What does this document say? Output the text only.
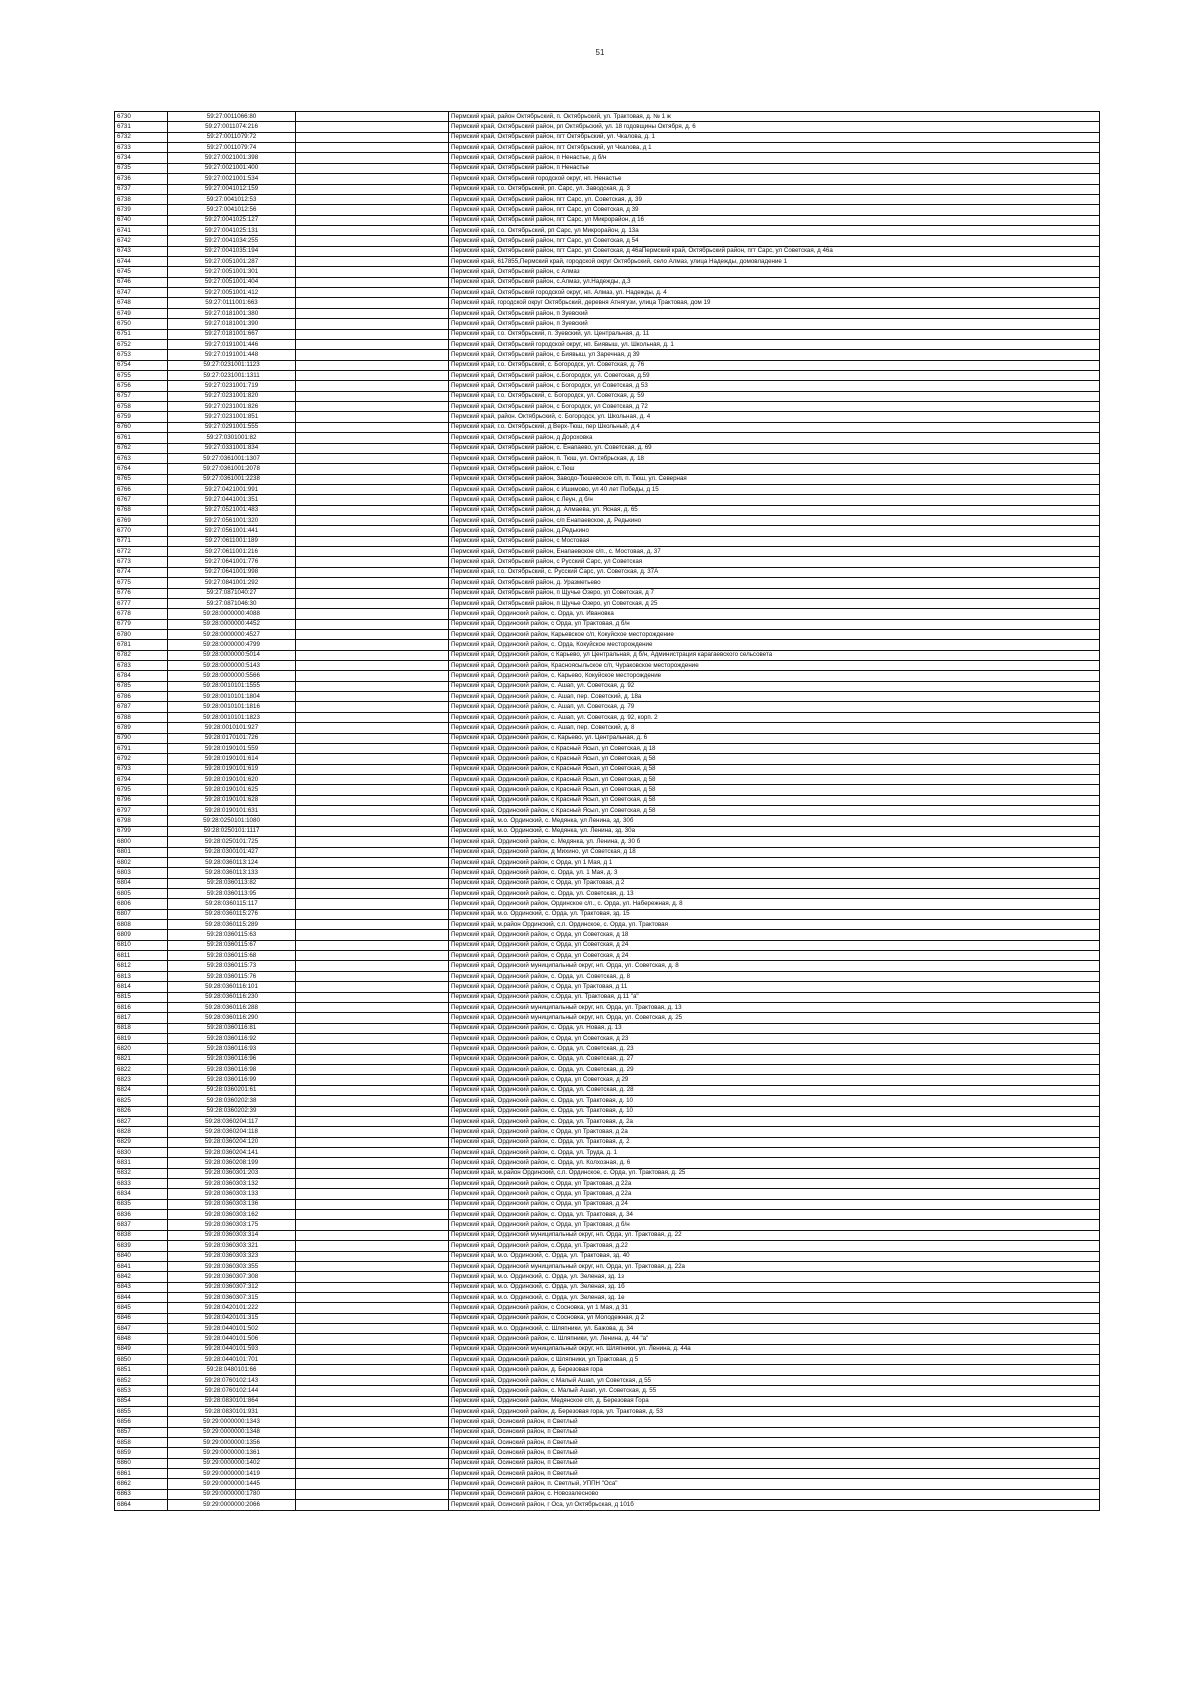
51
6730	59:27:0011066:80		Пермский край, район Октябрьский, п. Октябрьский, ул. Трактовая, д. № 1 ж
6731	59:27:0011074:216		Пермский край, Октябрьский район, рп Октябрьский, ул. 18 годовщины Октября, д. 6
6732	59:27:0011079:72		Пермский край, Октябрьский район, пгт Октябрьский, ул. Чкалова, д. 1
6733	59:27:0011079:74		Пермский край, Октябрьский район, пгт Октябрьский, ул Чкалова, д 1
6734	59:27:0021001:398		Пермский край, Октябрьский район, п Ненастье, д б/н
6735	59:27:0021001:400		Пермский край, Октябрьский район, п Ненастье
6736	59:27:0021001:534		Пермский край, Октябрьский городской округ, нп. Ненастье
6737	59:27:0041012:159		Пермский край, г.о. Октябрьский, рп. Сарс, ул. Заводская, д. 3
6738	59:27:0041012:53		Пермский край, Октябрьский район, пгт Сарс, ул. Советская, д. 39
6739	59:27:0041012:56		Пермский край, Октябрьский район, пгт Сарс, ул Советская, д 39
6740	59:27:0041025:127		Пермский край, Октябрьский район, пгт Сарс, ул Микрорайон, д 16
6741	59:27:0041025:131		Пермский край, г.о. Октябрьский, рп Сарс, ул Микрорайон, д. 13а
6742	59:27:0041034:255		Пермский край, Октябрьский район, пгт Сарс, ул Советская, д 54
6743	59:27:0041035:194		Пермский край, Октябрьский район, пгт Сарс, ул Советская, д 46аПермский край, Октябрьский район, пгт Сарс, ул Советская, д 46а
6744	59:27:0051001:287		Пермский край, 617855,Пермский край, городской округ Октябрьский, село Алмаз, улица Надежды, домовладение 1
6745	59:27:0051001:301		Пермский край, Октябрьский район, с Алмаз
6746	59:27:0051001:404		Пермский край, Октябрьский район, с.Алмаз, ул.Надежды, д.3
6747	59:27:0051001:412		Пермский край, Октябрьский городской округ, нп. Алмаз, ул. Надежды, д. 4
6748	59:27:0111001:663		Пермский край, городской округ Октябрьский, деревня Атнягузи, улица Трактовая, дом 19
6749	59:27:0181001:380		Пермский край, Октябрьский район, п Зуевский
6750	59:27:0181001:390		Пермский край, Октябрьский район, п Зуевский
6751	59:27:0181001:667		Пермский край, г.о. Октябрьский, п. Зуевский, ул. Центральная, д. 11
6752	59:27:0191001:446		Пермский край, Октябрьский городской округ, нп. Биявыш, ул. Школьная, д. 1
6753	59:27:0191001:448		Пермский край, Октябрьский район, с Биявыш, ул Заречная, д 39
6754	59:27:0231001:1123		Пермский край, г.о. Октябрьский, с. Богородск, ул. Советская, д. 76
6755	59:27:0231001:1311		Пермский край, Октябрьский район, с.Богородск, ул. Советская, д.59
6756	59:27:0231001:719		Пермский край, Октябрьский район, с Богородск, ул Советская, д 53
6757	59:27:0231001:820		Пермский край, г.о. Октябрьский, с. Богородск, ул. Советская, д. 59
6758	59:27:0231001:826		Пермский край, Октябрьский район, с Богородск, ул Советская, д 72
6759	59:27:0231001:851		Пермский край, район. Октябрьский, с. Богородск, ул. Школьная, д. 4
6760	59:27:0291001:555		Пермский край, г.о. Октябрьский, д Верх-Тюш, пер Школьный, д 4
6761	59:27:0301001:82		Пермский край, Октябрьский район, д Дороховка
6762	59:27:0331001:834		Пермский край, Октябрьский район, с. Енапаево, ул. Советская, д. 69
6763	59:27:0361001:1307		Пермский край, Октябрьский район, п. Тюш, ул. Октябрьская, д. 18
6764	59:27:0361001:2078		Пермский край, Октябрьский район, с.Тюш
6765	59:27:0361001:2238		Пермский край, Октябрьский район, Заводо-Тюшевское с/п, п. Тюш, ул. Северная
6766	59:27:0421001:991		Пермский край, Октябрьский район, с Ишимово, ул 40 лет Победы, д 15
6767	59:27:0441001:351		Пермский край, Октябрьский район, с Леун, д б/н
6768	59:27:0521001:483		Пермский край, Октябрьский район, д. Алмаева, ул. Ясная, д. 65
6769	59:27:0561001:320		Пермский край, Октябрьский район, с/п Енапаевское, д. Редькино
6770	59:27:0561001:441		Пермский край, Октябрьский район, д.Редькино
6771	59:27:0611001:189		Пермский край, Октябрьский район, с Мостовая
6772	59:27:0611001:216		Пермский край, Октябрьский район, Енапаевское с/п., с. Мостовая, д. 37
6773	59:27:0641001:776		Пермский край, Октябрьский район, с Русский Сарс, ул Советская
6774	59:27:0641001:998		Пермский край, г.о. Октябрьский, с. Русский Сарс, ул. Советская, д. 37А
6775	59:27:0841001:292		Пермский край, Октябрьский район, д. Уразметьево
6776	59:27:0871040:27		Пермский край, Октябрьский район, п Щучье Озеро, ул Советская, д 7
6777	59:27:0871046:30		Пермский край, Октябрьский район, п Щучье Озеро, ул Советская, д 25
6778	59:28:0000000:4088		Пермский край, Ординский район, с. Орда, ул. Ивановка
6779	59:28:0000000:4452		Пермский край, Ординский район, с Орда, ул Трактовая, д б/н
6780	59:28:0000000:4527		Пермский край, Ординский район, Карьевское с/п, Кокуйское месторождение
6781	59:28:0000000:4799		Пермский край, Ординский район, с. Орда, Кокуйское месторождение
6782	59:28:0000000:5014		Пермский край, Ординский район, с Карьево, ул Центральная, д б/н, Администрация карагаевского сельсовета
6783	59:28:0000000:5143		Пермский край, Ординский район, Красноясыльское с/п, Чураковское месторождение
6784	59:28:0000000:5566		Пермский край, Ординский район, с. Карьево, Кокуйское месторождение
6785	59:28:0010101:1555		Пермский край, Ординский район, с. Ашап, ул. Советская, д. 92
6786	59:28:0010101:1804		Пермский край, Ординский район, с. Ашап, пер. Советский, д. 18а
6787	59:28:0010101:1816		Пермский край, Ординский район, с. Ашап, ул. Советская, д. 79
6788	59:28:0010101:1823		Пермский край, Ординский район, с. Ашап, ул. Советская, д. 92, корп. 2
6789	59:28:0010101:927		Пермский край, Ординский район, с. Ашап, пер. Советский, д. 8
6790	59:28:0170101:726		Пермский край, Ординский район, с. Карьево, ул. Центральная, д. 6
6791	59:28:0190101:559		Пермский край, Ординский район, с Красный Ясыл, ул Советская, д 18
6792	59:28:0190101:614		Пермский край, Ординский район, с Красный Ясыл, ул Советская, д 58
6793	59:28:0190101:619		Пермский край, Ординский район, с Красный Ясыл, ул Советская, д 58
6794	59:28:0190101:620		Пермский край, Ординский район, с Красный Ясыл, ул Советская, д 58
6795	59:28:0190101:625		Пермский край, Ординский район, с Красный Ясыл, ул Советская, д 58
6796	59:28:0190101:628		Пермский край, Ординский район, с Красный Ясыл, ул Советская, д 58
6797	59:28:0190101:631		Пермский край, Ординский район, с Красный Ясыл, ул Советская, д 58
6798	59:28:0250101:1080		Пермский край, м.о. Ординский, с. Медянка, ул Ленина, зд. 30б
6799	59:28:0250101:1117		Пермский край, м.о. Ординский, с. Медянка, ул. Ленина, зд. 30а
6800	59:28:0250101:725		Пермский край, Ординский район, с. Медянка, ул. Ленина, д. 30 б
6801	59:28:0300101:427		Пермский край, Ординский район, д Михино, ул Советская, д 18
6802	59:28:0360113:124		Пермский край, Ординский район, с Орда, ул 1 Мая, д 1
6803	59:28:0360113:133		Пермский край, Ординский район, с. Орда, ул. 1 Мая, д. 3
6804	59:28:0360113:82		Пермский край, Ординский район, с Орда, ул Трактовая, д 2
6805	59:28:0360113:95		Пермский край, Ординский район, с. Орда, ул. Советская, д. 13
6806	59:28:0360115:117		Пермский край, Ординский район, Ординское с/п., с. Орда, ул. Набережная, д. 8
6807	59:28:0360115:276		Пермский край, м.о. Ординский, с. Орда, ул. Трактовая, зд. 15
6808	59:28:0360115:289		Пермский край, м.район Ординский, с.п. Ординское, с. Орда, ул. Трактовая
6809	59:28:0360115:63		Пермский край, Ординский район, с Орда, ул Советская, д 18
6810	59:28:0360115:67		Пермский край, Ординский район, с Орда, ул Советская, д 24
6811	59:28:0360115:68		Пермский край, Ординский район, с Орда, ул Советская, д 24
6812	59:28:0360115:73		Пермский край, Ординский муниципальный округ, нп. Орда, ул. Советская, д. 8
6813	59:28:0360115:76		Пермский край, Ординский район, с. Орда, ул. Советская, д. 8
6814	59:28:0360116:101		Пермский край, Ординский район, с Орда, ул Трактовая, д 11
6815	59:28:0360116:230		Пермский край, Ординский район, с.Орда, ул. Трактовая, д.11 "а"
6816	59:28:0360116:288		Пермский край, Ординский муниципальный округ, нп. Орда, ул. Трактовая, д. 13
6817	59:28:0360116:290		Пермский край, Ординский муниципальный округ, нп. Орда, ул. Советская, д. 25
6818	59:28:0360116:81		Пермский край, Ординский район, с. Орда, ул. Новая, д. 13
6819	59:28:0360116:92		Пермский край, Ординский район, с Орда, ул Советская, д 23
6820	59:28:0360116:93		Пермский край, Ординский район, с. Орда, ул. Советская, д. 23
6821	59:28:0360116:96		Пермский край, Ординский район, с. Орда, ул. Советская, д. 27
6822	59:28:0360116:98		Пермский край, Ординский район, с. Орда, ул. Советская, д. 29
6823	59:28:0360116:99		Пермский край, Ординский район, с Орда, ул Советская, д 29
6824	59:28:0360201:61		Пермский край, Ординский район, с. Орда, ул. Советская, д. 28
6825	59:28:0360202:38		Пермский край, Ординский район, с. Орда, ул. Трактовая, д. 10
6826	59:28:0360202:39		Пермский край, Ординский район, с. Орда, ул. Трактовая, д. 10
6827	59:28:0360204:117		Пермский край, Ординский район, с. Орда, ул. Трактовая, д. 2а
6828	59:28:0360204:118		Пермский край, Ординский район, с Орда, ул Трактовая, д 2а
6829	59:28:0360204:120		Пермский край, Ординский район, с. Орда, ул. Трактовая, д. 2
6830	59:28:0360204:141		Пермский край, Ординский район, с. Орда, ул. Труда, д. 1
6831	59:28:0360208:199		Пермский край, Ординский район, с. Орда, ул. Колхозная, д. 6
6832	59:28:0360301:203		Пермский край, м.район Ординский, с.п. Ординское, с. Орда, ул. Трактовая, д. 25
6833	59:28:0360303:132		Пермский край, Ординский район, с Орда, ул Трактовая, д 22а
6834	59:28:0360303:133		Пермский край, Ординский район, с Орда, ул Трактовая, д 22а
6835	59:28:0360303:136		Пермский край, Ординский район, с Орда, ул Трактовая, д 24
6836	59:28:0360303:162		Пермский край, Ординский район, с. Орда, ул. Трактовая, д. 34
6837	59:28:0360303:175		Пермский край, Ординский район, с Орда, ул Трактовая, д б/н
6838	59:28:0360303:314		Пермский край, Ординский муниципальный округ, нп. Орда, ул. Трактовая, д. 22
6839	59:28:0360303:321		Пермский край, Ординский район, с.Орда, ул.Трактовая, д.22
6840	59:28:0360303:323		Пермский край, м.о. Ординский, с. Орда, ул. Трактовая, зд. 40
6841	59:28:0360303:355		Пермский край, Ординский муниципальный округ, нп. Орда, ул. Трактовая, д. 22а
6842	59:28:0360307:308		Пермский край, м.о. Ординский, с. Орда, ул. Зеленая, зд. 1з
6843	59:28:0360307:312		Пермский край, м.о. Ординский, с. Орда, ул. Зеленая, зд. 1б
6844	59:28:0360307:315		Пермский край, м.о. Ординский, с. Орда, ул. Зеленая, зд. 1е
6845	59:28:0420101:222		Пермский край, Ординский район, с Сосновка, ул 1 Мая, д 31
6846	59:28:0420101:315		Пермский край, Ординский район, с Сосновка, ул Молодежная, д 2
6847	59:28:0440101:502		Пермский край, м.о. Ординский, с. Шляпники, ул. Бажова, д. 34
6848	59:28:0440101:506		Пермский край, Ординский район, с. Шляпники, ул. Ленина, д. 44 "а"
6849	59:28:0440101:593		Пермский край, Ординский муниципальный округ, нп. Шляпники, ул. Ленина, д. 44а
6850	59:28:0440101:701		Пермский край, Ординский район, с Шляпники, ул Трактовая, д 5
6851	59:28:0480101:66		Пермский край, Ординский район, д. Березовая гора
6852	59:28:0760102:143		Пермский край, Ординский район, с Малый Ашап, ул Советская, д 55
6853	59:28:0760102:144		Пермский край, Ординский район, с. Малый Ашап, ул. Советская, д. 55
6854	59:28:0830101:864		Пермский край, Ординский район, Медянское с/п, д. Березовая Гора
6855	59:28:0830101:931		Пермский край, Ординский район, д. Березовая гора, ул. Трактовая, д. 53
6856	59:29:0000000:1343		Пермский край, Осинский район, п Светлый
6857	59:29:0000000:1348		Пермский край, Осинский район, п Светлый
6858	59:29:0000000:1356		Пермский край, Осинский район, п Светлый
6859	59:29:0000000:1361		Пермский край, Осинский район, п Светлый
6860	59:29:0000000:1402		Пермский край, Осинский район, п Светлый
6861	59:29:0000000:1419		Пермский край, Осинский район, п Светлый
6862	59:29:0000000:1445		Пермский край, Осинский район, п. Светлый, УППН "Оса"
6863	59:29:0000000:1780		Пермский край, Осинский район, с. Новозалесново
6864	59:29:0000000:2066		Пермский край, Осинский район, г Оса, ул Октябрьская, д 101б
